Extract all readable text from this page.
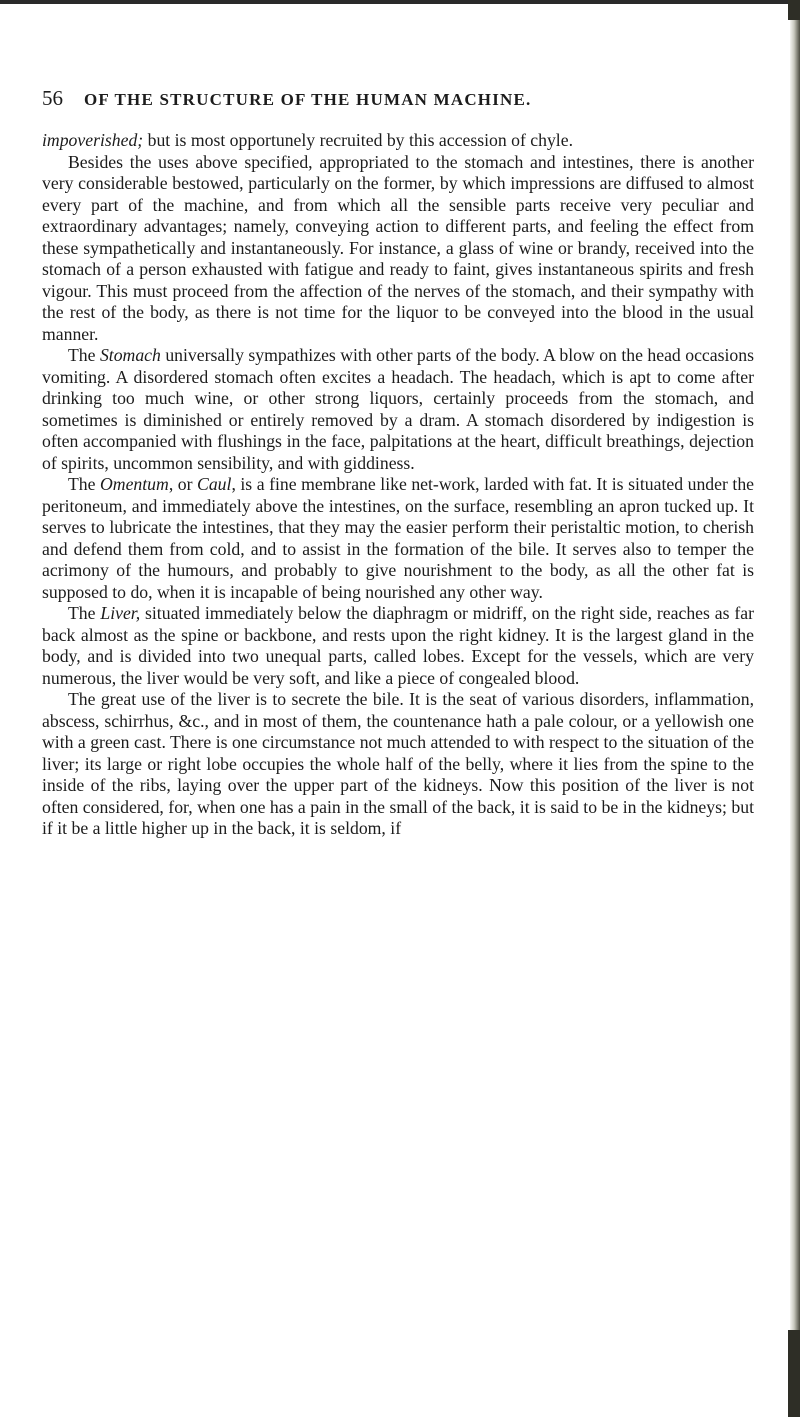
56	OF THE STRUCTURE OF THE HUMAN MACHINE.

impoverished; but is most opportunely recruited by this accession of chyle.

Besides the uses above specified, appropriated to the stomach and intestines, there is another very considerable bestowed, particularly on the former, by which impressions are diffused to almost every part of the machine, and from which all the sensible parts receive very peculiar and extraordinary advantages; namely, conveying action to different parts, and feeling the effect from these sympathetically and instantaneously. For instance, a glass of wine or brandy, received into the stomach of a person exhausted with fatigue and ready to faint, gives instantaneous spirits and fresh vigour. This must proceed from the affection of the nerves of the stomach, and their sympathy with the rest of the body, as there is not time for the liquor to be conveyed into the blood in the usual manner.

The Stomach universally sympathizes with other parts of the body. A blow on the head occasions vomiting. A disordered stomach often excites a headach. The headach, which is apt to come after drinking too much wine, or other strong liquors, certainly proceeds from the stomach, and sometimes is diminished or entirely removed by a dram. A stomach disordered by indigestion is often accompanied with flushings in the face, palpitations at the heart, difficult breathings, dejection of spirits, uncommon sensibility, and with giddiness.

The Omentum, or Caul, is a fine membrane like net-work, larded with fat. It is situated under the peritoneum, and immediately above the intestines, on the surface, resembling an apron tucked up. It serves to lubricate the intestines, that they may the easier perform their peristaltic motion, to cherish and defend them from cold, and to assist in the formation of the bile. It serves also to temper the acrimony of the humours, and probably to give nourishment to the body, as all the other fat is supposed to do, when it is incapable of being nourished any other way.

The Liver, situated immediately below the diaphragm or midriff, on the right side, reaches as far back almost as the spine or backbone, and rests upon the right kidney. It is the largest gland in the body, and is divided into two unequal parts, called lobes. Except for the vessels, which are very numerous, the liver would be very soft, and like a piece of congealed blood.

The great use of the liver is to secrete the bile. It is the seat of various disorders, inflammation, abscess, schirrhus, &c., and in most of them, the countenance hath a pale colour, or a yellowish one with a green cast. There is one circumstance not much attended to with respect to the situation of the liver; its large or right lobe occupies the whole half of the belly, where it lies from the spine to the inside of the ribs, laying over the upper part of the kidneys. Now this position of the liver is not often considered, for, when one has a pain in the small of the back, it is said to be in the kidneys; but if it be a little higher up in the back, it is seldom, if
